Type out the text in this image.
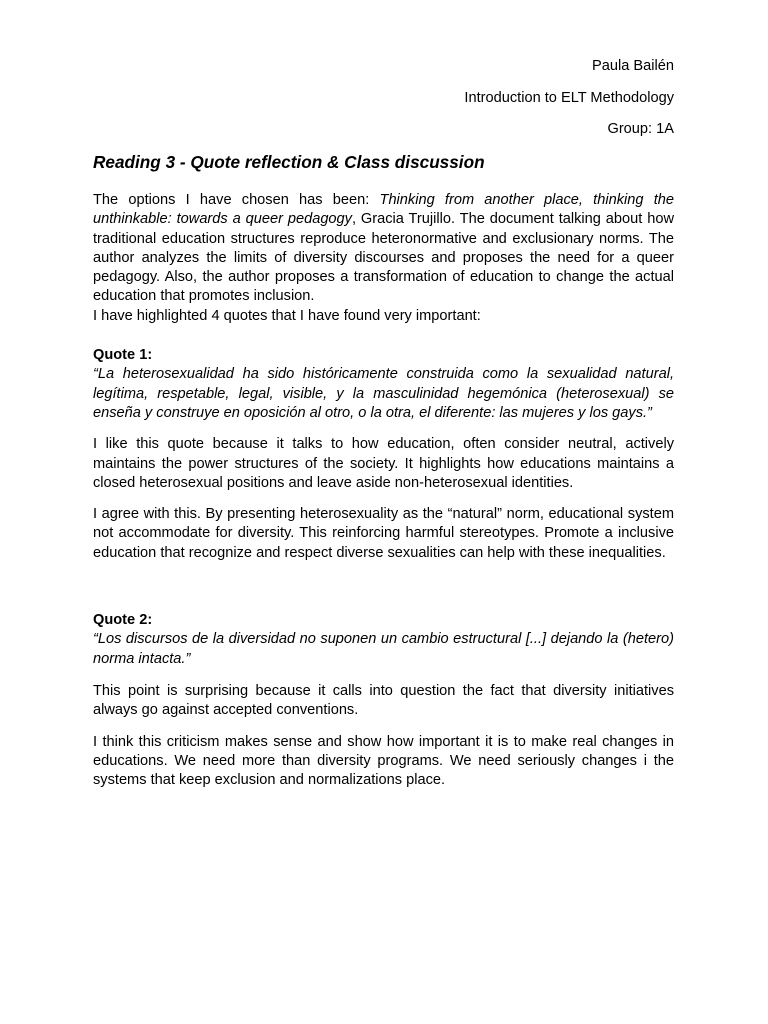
Paula Bailén
Introduction to ELT Methodology
Group: 1A
Reading 3 - Quote reflection & Class discussion

The options I have chosen has been: Thinking from another place, thinking the unthinkable: towards a queer pedagogy, Gracia Trujillo. The document talking about how traditional education structures reproduce heteronormative and exclusionary norms. The author analyzes the limits of diversity discourses and proposes the need for a queer pedagogy. Also, the author proposes a transformation of education to change the actual education that promotes inclusion.

I have highlighted 4 quotes that I have found very important:

Quote 1:

“La heterosexualidad ha sido históricamente construida como la sexualidad natural, legítima, respetable, legal, visible, y la masculinidad hegemónica (heterosexual) se enseña y construye en oposición al otro, o la otra, el diferente: las mujeres y los gays.”

I like this quote because it talks to how education, often consider neutral, actively maintains the power structures of the society. It highlights how educations maintains a closed heterosexual positions and leave aside non-heterosexual identities.

I agree with this. By presenting heterosexuality as the “natural” norm, educational system not accommodate for diversity. This reinforcing harmful stereotypes. Promote a inclusive education that recognize and respect diverse sexualities can help with these inequalities.

Quote 2:

“Los discursos de la diversidad no suponen un cambio estructural [...] dejando la (hetero) norma intacta.”

This point is surprising because it calls into question the fact that diversity initiatives always go against accepted conventions.

I think this criticism makes sense and show how important it is to make real changes in educations. We need more than diversity programs. We need seriously changes i the systems that keep exclusion and normalizations place.
